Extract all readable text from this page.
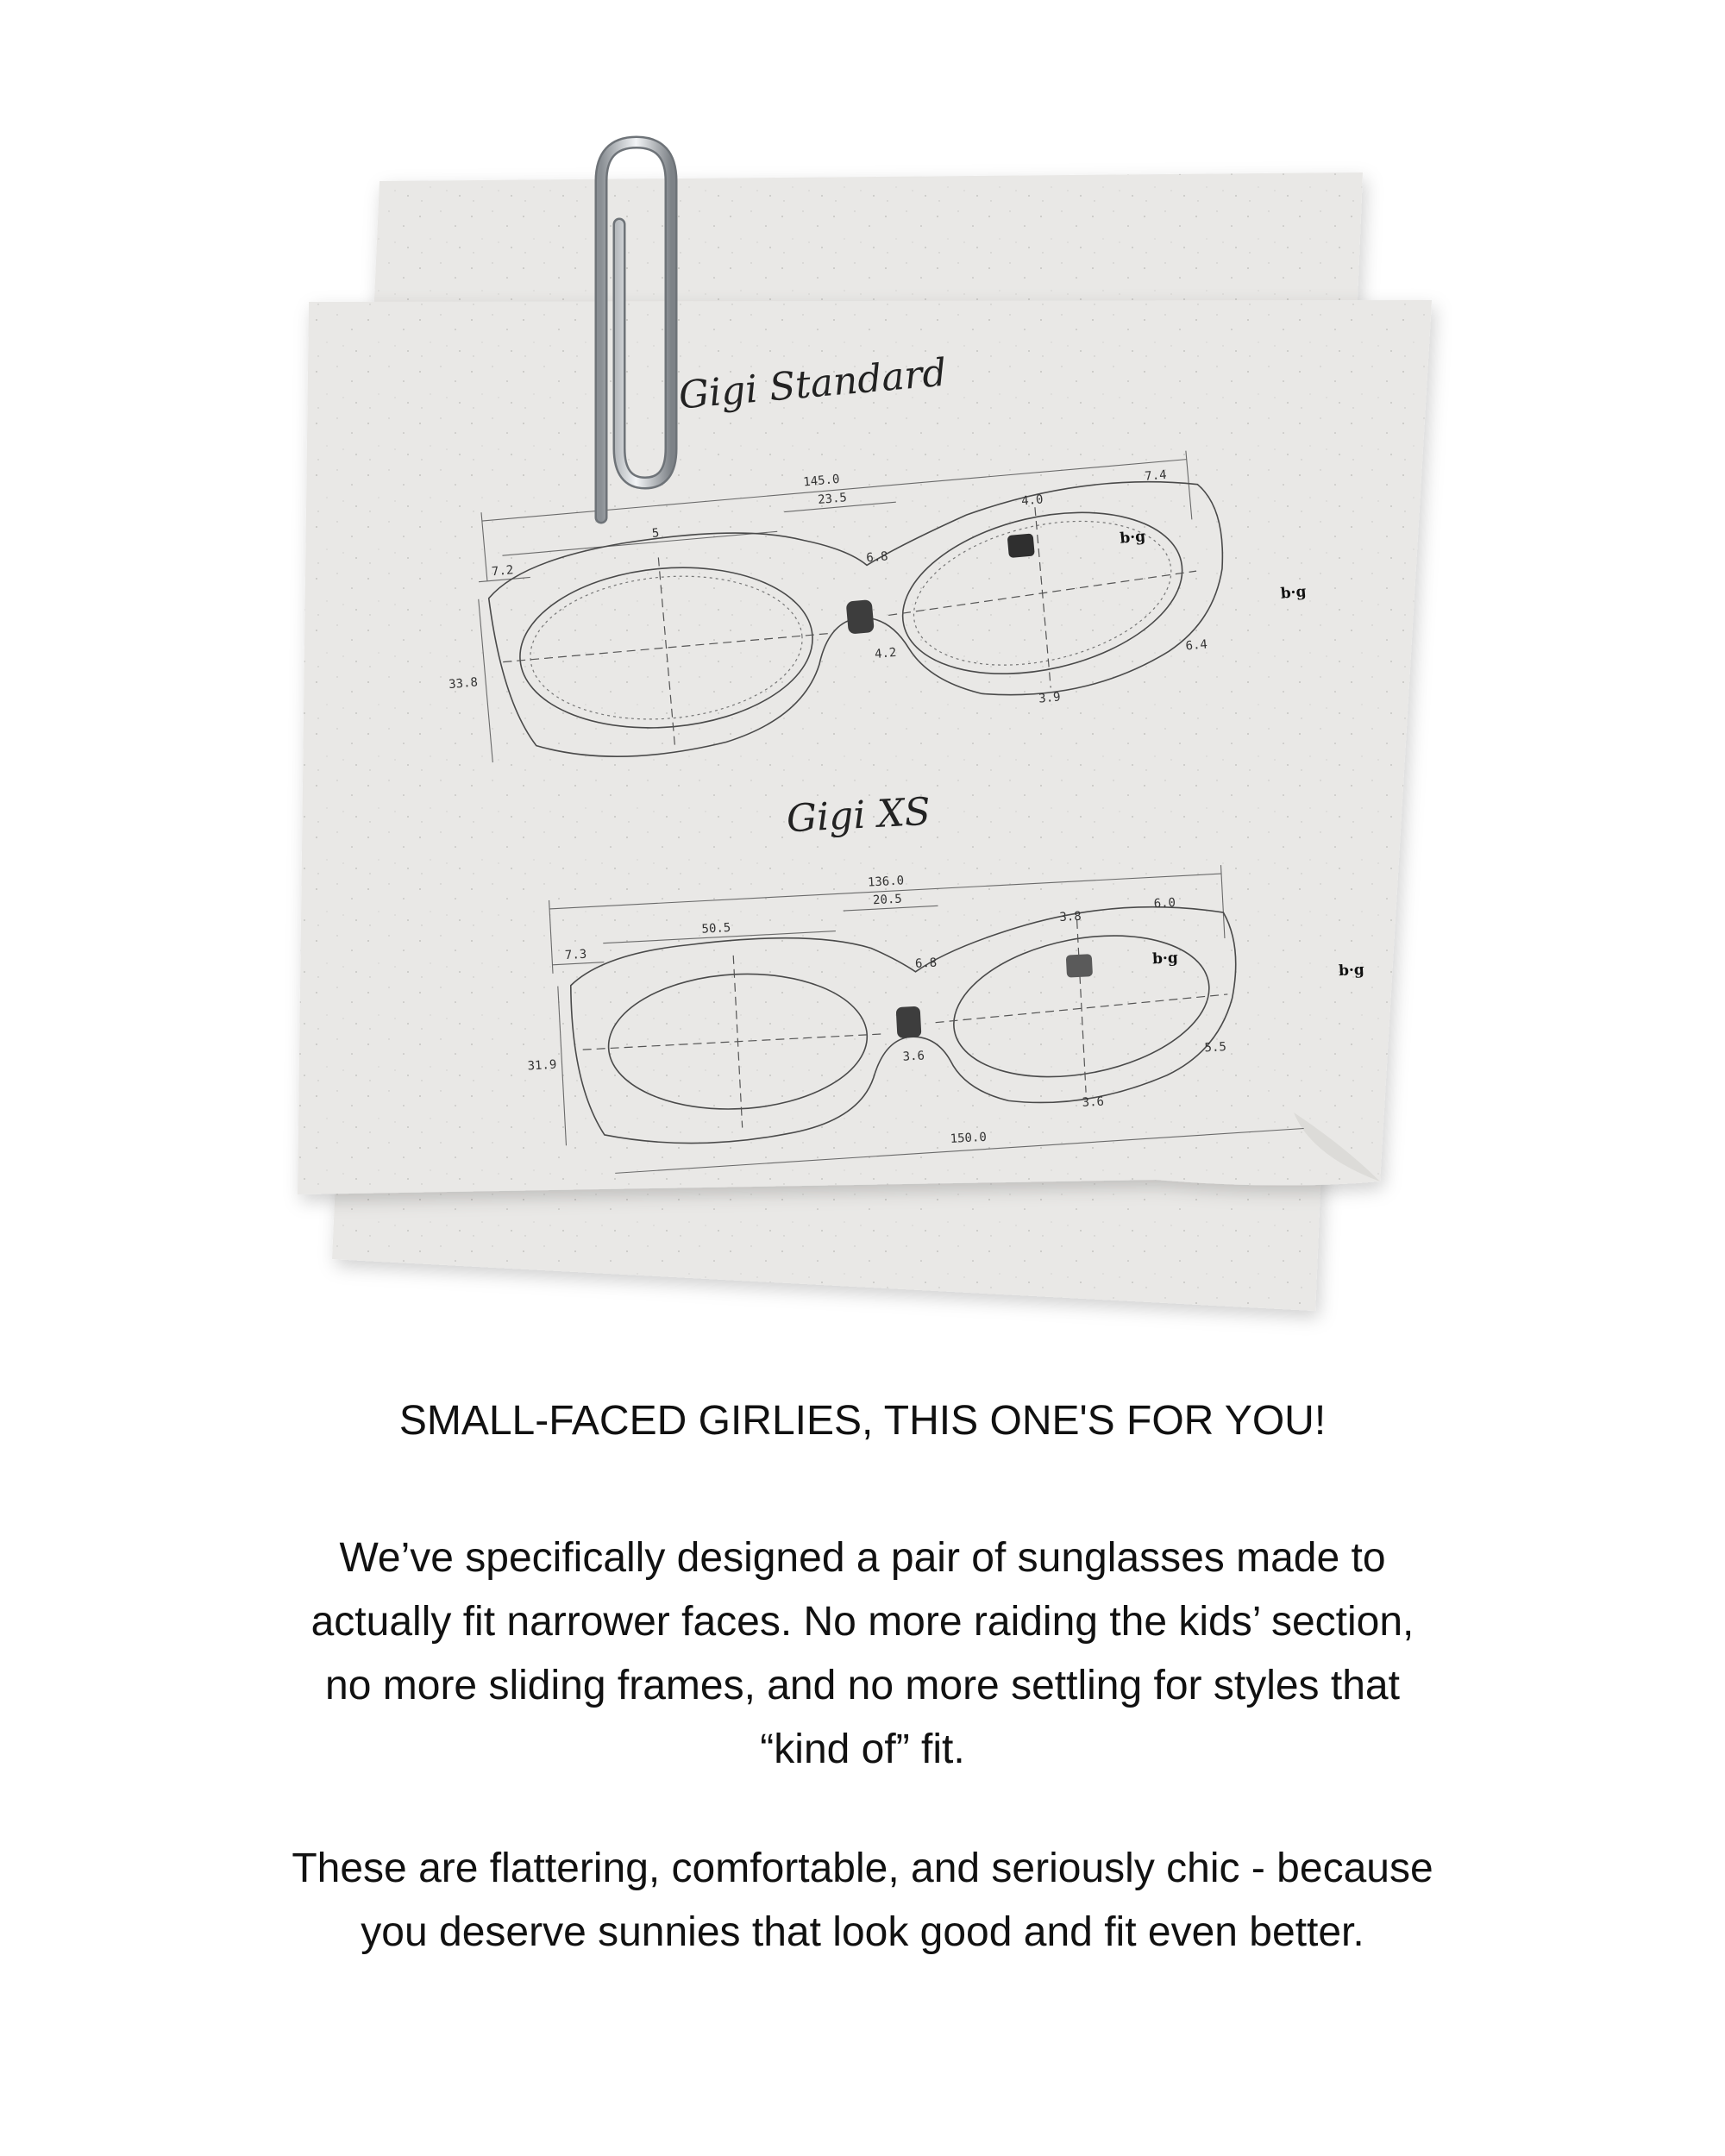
Gigi Standard
145.0
23.5
5
7.2
33.8
6.8
4.2
4.0
3.9
7.4
6.4
b·g
b·g
Gigi XS
136.0
20.5
50.5
7.3
31.9
6.8
3.6
3.8
3.6
6.0
5.5
b·g
b·g
150.0
SMALL-FACED GIRLIES, THIS ONE'S FOR YOU!

We’ve specifically designed a pair of sunglasses made to
actually fit narrower faces. No more raiding the kids’ section,
no more sliding frames, and no more settling for styles that
“kind of” fit.

These are flattering, comfortable, and seriously chic - because
you deserve sunnies that look good and fit even better.
